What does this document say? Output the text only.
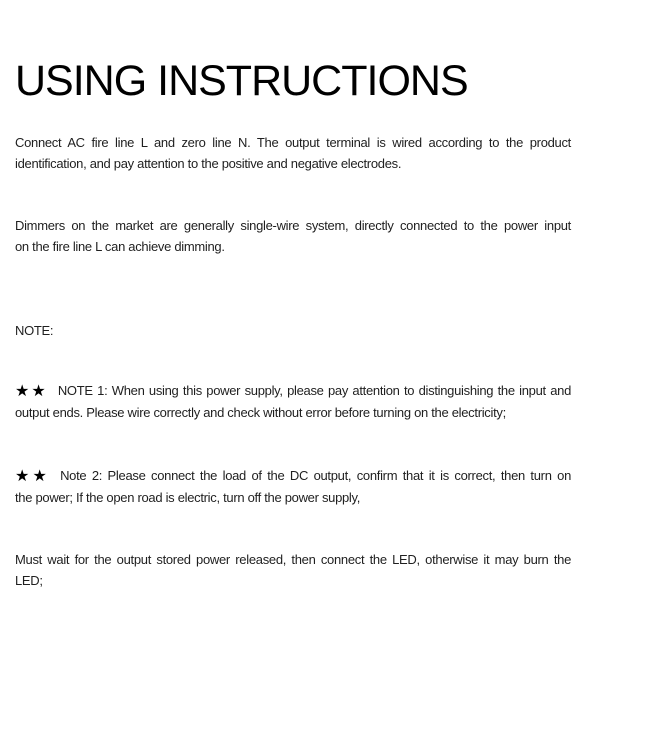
USING INSTRUCTIONS

Connect AC fire line L and zero line N. The output terminal is wired according to the product
identification, and pay attention to the positive and negative electrodes.

Dimmers on the market are generally single-wire system, directly connected to the power input
on the fire line L can achieve dimming.

NOTE:

★★ NOTE 1: When using this power supply, please pay attention to distinguishing the input and
output ends. Please wire correctly and check without error before turning on the electricity;

★★ Note 2: Please connect the load of the DC output, confirm that it is correct, then turn on
the power; If the open road is electric, turn off the power supply,

Must wait for the output stored power released, then connect the LED, otherwise it may burn the
LED;
